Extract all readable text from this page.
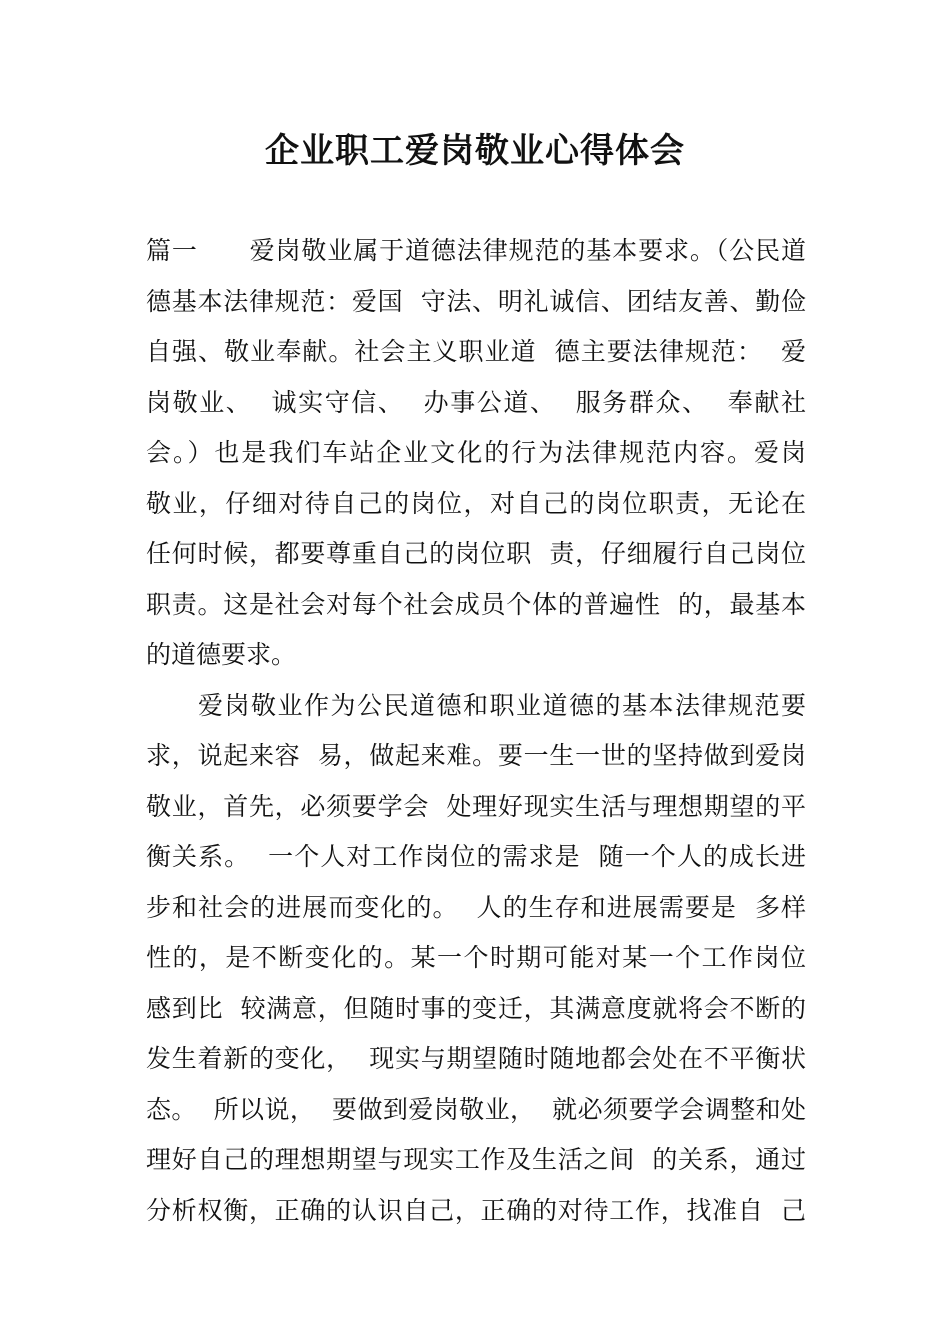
企业职工爱岗敬业心得体会
篇一　　爱岗敬业属于道德法律规范的基本要求。（公民道
德基本法律规范：爱国  守法、明礼诚信、团结友善、勤俭
自强、敬业奉献。社会主义职业道  德主要法律规范：  爱
岗敬业、  诚实守信、  办事公道、  服务群众、  奉献社
会。）也是我们车站企业文化的行为法律规范内容。爱岗
敬业，仔细对待自己的岗位，对自己的岗位职责，无论在
任何时候，都要尊重自己的岗位职  责，仔细履行自己岗位
职责。这是社会对每个社会成员个体的普遍性  的，最基本
的道德要求。
爱岗敬业作为公民道德和职业道德的基本法律规范要
求，说起来容  易，做起来难。要一生一世的坚持做到爱岗
敬业，首先，必须要学会  处理好现实生活与理想期望的平
衡关系。  一个人对工作岗位的需求是  随一个人的成长进
步和社会的进展而变化的。  人的生存和进展需要是  多样
性的，是不断变化的。某一个时期可能对某一个工作岗位
感到比  较满意，但随时事的变迁，其满意度就将会不断的
发生着新的变化，  现实与期望随时随地都会处在不平衡状
态。  所以说，  要做到爱岗敬业，  就必须要学会调整和处
理好自己的理想期望与现实工作及生活之间  的关系，通过
分析权衡，正确的认识自己，正确的对待工作，找准自  己
